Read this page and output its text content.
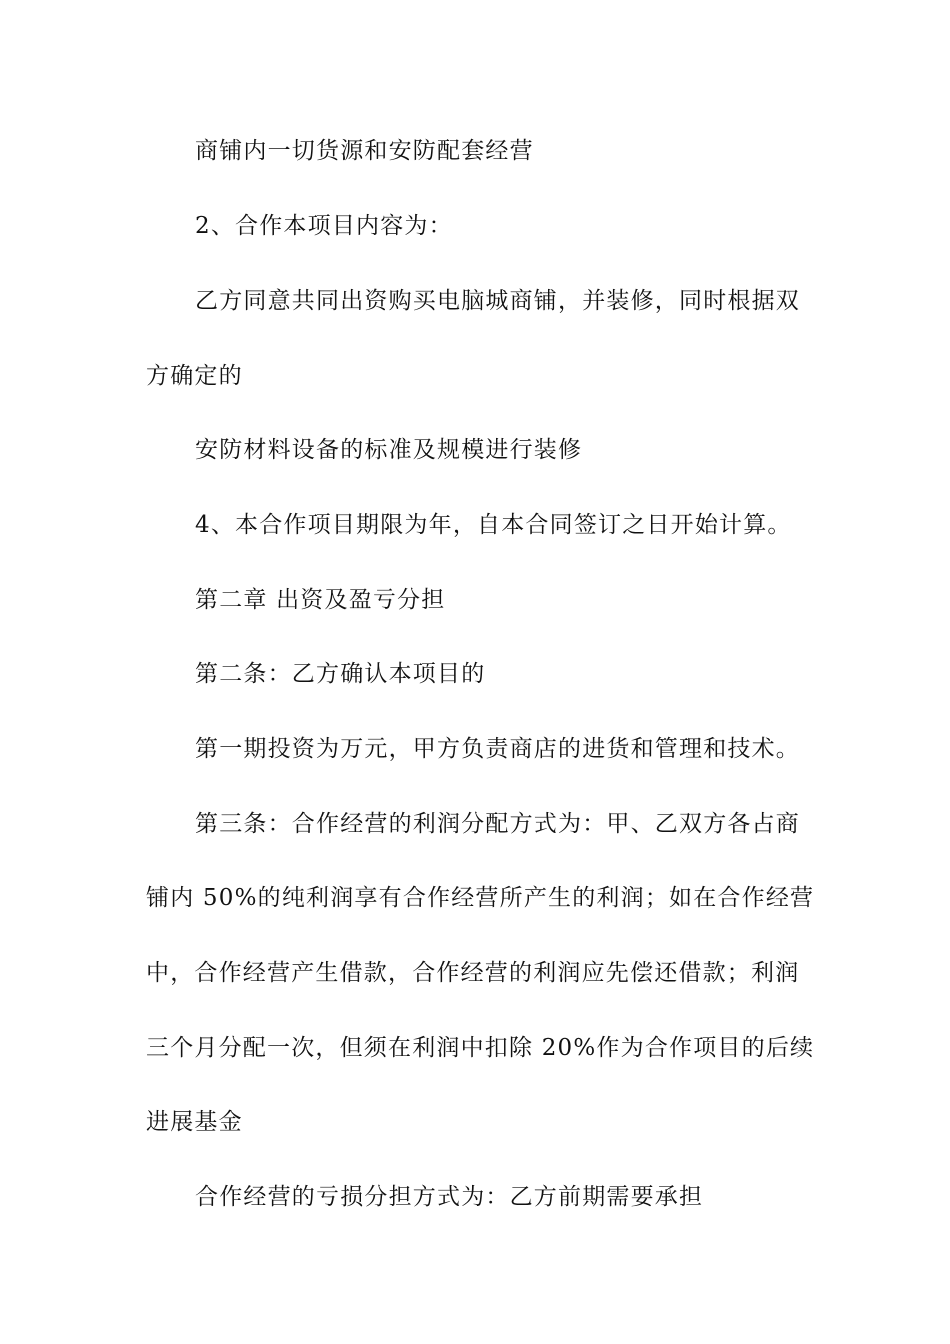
商铺内一切货源和安防配套经营
2、合作本项目内容为：
乙方同意共同出资购买电脑城商铺，并装修，同时根据双
方确定的
安防材料设备的标准及规模进行装修
4、本合作项目期限为年，自本合同签订之日开始计算。
第二章 出资及盈亏分担
第二条：乙方确认本项目的
第一期投资为万元，甲方负责商店的进货和管理和技术。
第三条：合作经营的利润分配方式为：甲、乙双方各占商
铺内 50%的纯利润享有合作经营所产生的利润；如在合作经营
中，合作经营产生借款，合作经营的利润应先偿还借款；利润
三个月分配一次，但须在利润中扣除 20%作为合作项目的后续
进展基金
合作经营的亏损分担方式为：乙方前期需要承担
